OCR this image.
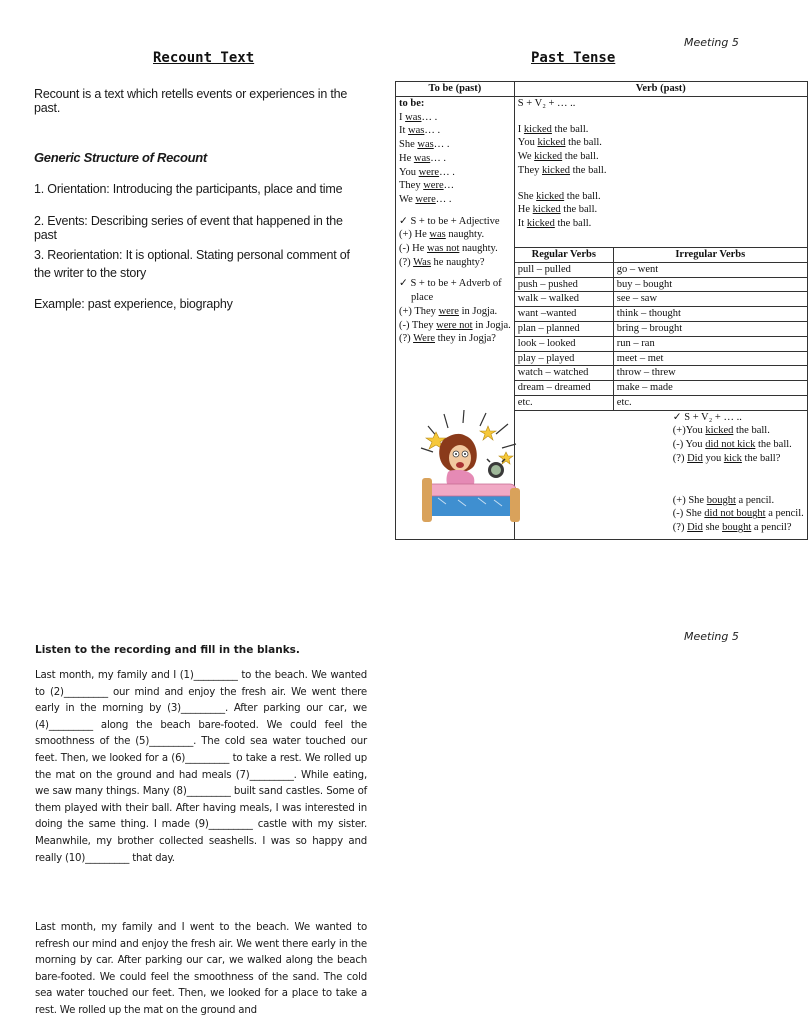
Meeting 5
Recount Text	Past Tense
Recount is a text which retells events or experiences in the past.
Generic Structure of Recount
1. Orientation: Introducing the participants, place and time
2. Events: Describing series of event that happened in the past
3. Reorientation: It is optional. Stating personal comment of the writer to the story
Example: past experience, biography
To be (past)	Verb (past)

to be:
I was… .
It was… .
She was… .
He was… .
You were… .
They were…
We were… .
✓ S + to be + Adjective
(+) He was naughty.
(-) He was not naughty.
(?) Was he naughty?
✓ S + to be + Adverb of
place
(+) They were in Jogja.
(-) They were not in Jogja.
(?) Were they in Jogja?

S + V₂ + … ..
I kicked the ball.
You kicked the ball.
We kicked the ball.
They kicked the ball.
She kicked the ball.
He kicked the ball.
It kicked the ball.

Regular Verbs	Irregular Verbs
pull – pulled	go – went
push – pushed	buy – bought
walk – walked	see – saw
want –wanted	think – thought
plan – planned	bring – brought
look – looked	run – ran
play – played	meet – met
watch – watched	throw – threw
dream – dreamed	make – made
etc.	etc.

✓ S + V₂ + … ..
(+)You kicked the ball.
(-) You did not kick the ball.
(?) Did you kick the ball?
(+) She bought a pencil.
(-) She did not bought a pencil.
(?) Did she bought a pencil?
Meeting 5
Listen to the recording and fill in the blanks.
Last month, my family and I (1)_________ to the beach. We wanted to (2)_________ our mind and enjoy the fresh air. We went there early in the morning by (3)_________. After parking our car, we (4)_________ along the beach bare-footed. We could feel the smoothness of the (5)_________. The cold sea water touched our feet. Then, we looked for a (6)_________ to take a rest. We rolled up the mat on the ground and had meals (7)_________. While eating, we saw many things. Many (8)_________ built sand castles. Some of them played with their ball. After having meals, I was interested in doing the same thing. I made (9)_________ castle with my sister. Meanwhile, my brother collected seashells. I was so happy and really (10)_________ that day.
Last month, my family and I went to the beach. We wanted to refresh our mind and enjoy the fresh air. We went there early in the morning by car. After parking our car, we walked along the beach bare-footed. We could feel the smoothness of the sand. The cold sea water touched our feet. Then, we looked for a place to take a rest. We rolled up the mat on the ground and
